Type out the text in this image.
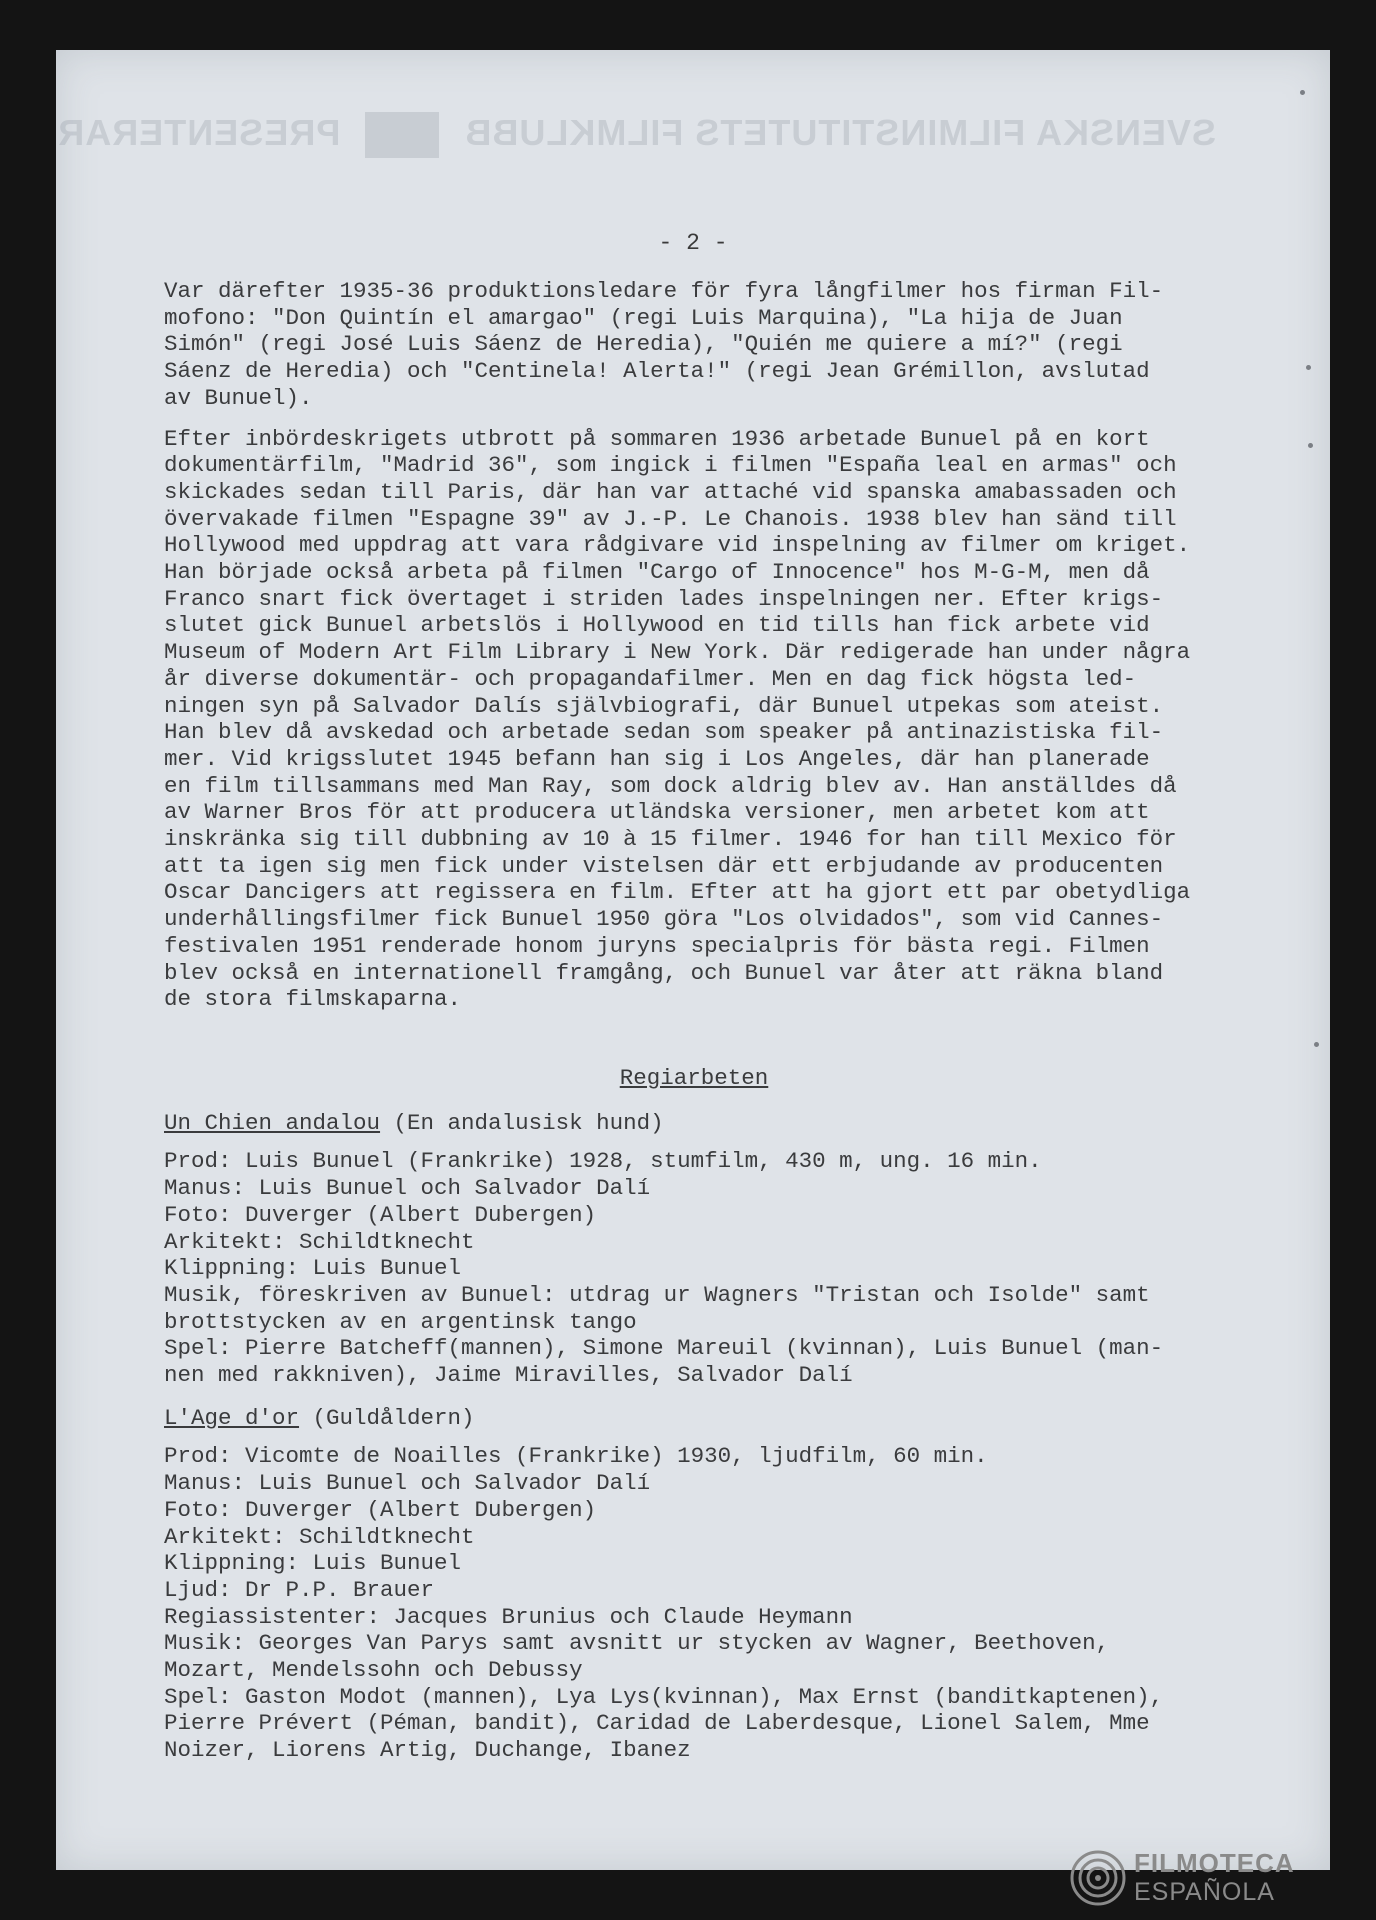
SVENSKA FILMINSTITUTETS FILMKLUBB  PRESENTERAR
- 2 -
Var därefter 1935-36 produktionsledare för fyra långfilmer hos firman Fil-
mofono: "Don Quintín el amargao" (regi Luis Marquina), "La hija de Juan
Simón" (regi José Luis Sáenz de Heredia), "Quién me quiere a mí?" (regi
Sáenz de Heredia) och "Centinela! Alerta!" (regi Jean Grémillon, avslutad
av Bunuel).
Efter inbördeskrigets utbrott på sommaren 1936 arbetade Bunuel på en kort
dokumentärfilm, "Madrid 36", som ingick i filmen "España leal en armas" och
skickades sedan till Paris, där han var attaché vid spanska amabassaden och
övervakade filmen "Espagne 39" av J.-P. Le Chanois. 1938 blev han sänd till
Hollywood med uppdrag att vara rådgivare vid inspelning av filmer om kriget.
Han började också arbeta på filmen "Cargo of Innocence" hos M-G-M, men då
Franco snart fick övertaget i striden lades inspelningen ner. Efter krigs-
slutet gick Bunuel arbetslös i Hollywood en tid tills han fick arbete vid
Museum of Modern Art Film Library i New York. Där redigerade han under några
år diverse dokumentär- och propagandafilmer. Men en dag fick högsta led-
ningen syn på Salvador Dalís självbiografi, där Bunuel utpekas som ateist.
Han blev då avskedad och arbetade sedan som speaker på antinazistiska fil-
mer. Vid krigsslutet 1945 befann han sig i Los Angeles, där han planerade
en film tillsammans med Man Ray, som dock aldrig blev av. Han anställdes då
av Warner Bros för att producera utländska versioner, men arbetet kom att
inskränka sig till dubbning av 10 à 15 filmer. 1946 for han till Mexico för
att ta igen sig men fick under vistelsen där ett erbjudande av producenten
Oscar Dancigers att regissera en film. Efter att ha gjort ett par obetydliga
underhållingsfilmer fick Bunuel 1950 göra "Los olvidados", som vid Cannes-
festivalen 1951 renderade honom juryns specialpris för bästa regi. Filmen
blev också en internationell framgång, och Bunuel var åter att räkna bland
de stora filmskaparna.
Regiarbeten
Un Chien andalou (En andalusisk hund)
Prod: Luis Bunuel (Frankrike) 1928, stumfilm, 430 m, ung. 16 min.
Manus: Luis Bunuel och Salvador Dalí
Foto: Duverger (Albert Dubergen)
Arkitekt: Schildtknecht
Klippning: Luis Bunuel
Musik, föreskriven av Bunuel: utdrag ur Wagners "Tristan och Isolde" samt
brottstycken av en argentinsk tango
Spel: Pierre Batcheff(mannen), Simone Mareuil (kvinnan), Luis Bunuel (man-
nen med rakkniven), Jaime Miravilles, Salvador Dalí
L'Age d'or (Guldåldern)
Prod: Vicomte de Noailles (Frankrike) 1930, ljudfilm, 60 min.
Manus: Luis Bunuel och Salvador Dalí
Foto: Duverger (Albert Dubergen)
Arkitekt: Schildtknecht
Klippning: Luis Bunuel
Ljud: Dr P.P. Brauer
Regiassistenter: Jacques Brunius och Claude Heymann
Musik: Georges Van Parys samt avsnitt ur stycken av Wagner, Beethoven,
Mozart, Mendelssohn och Debussy
Spel: Gaston Modot (mannen), Lya Lys(kvinnan), Max Ernst (banditkaptenen),
Pierre Prévert (Péman, bandit), Caridad de Laberdesque, Lionel Salem, Mme
Noizer, Liorens Artig, Duchange, Ibanez
FILMOTECA
ESPAÑOLA
